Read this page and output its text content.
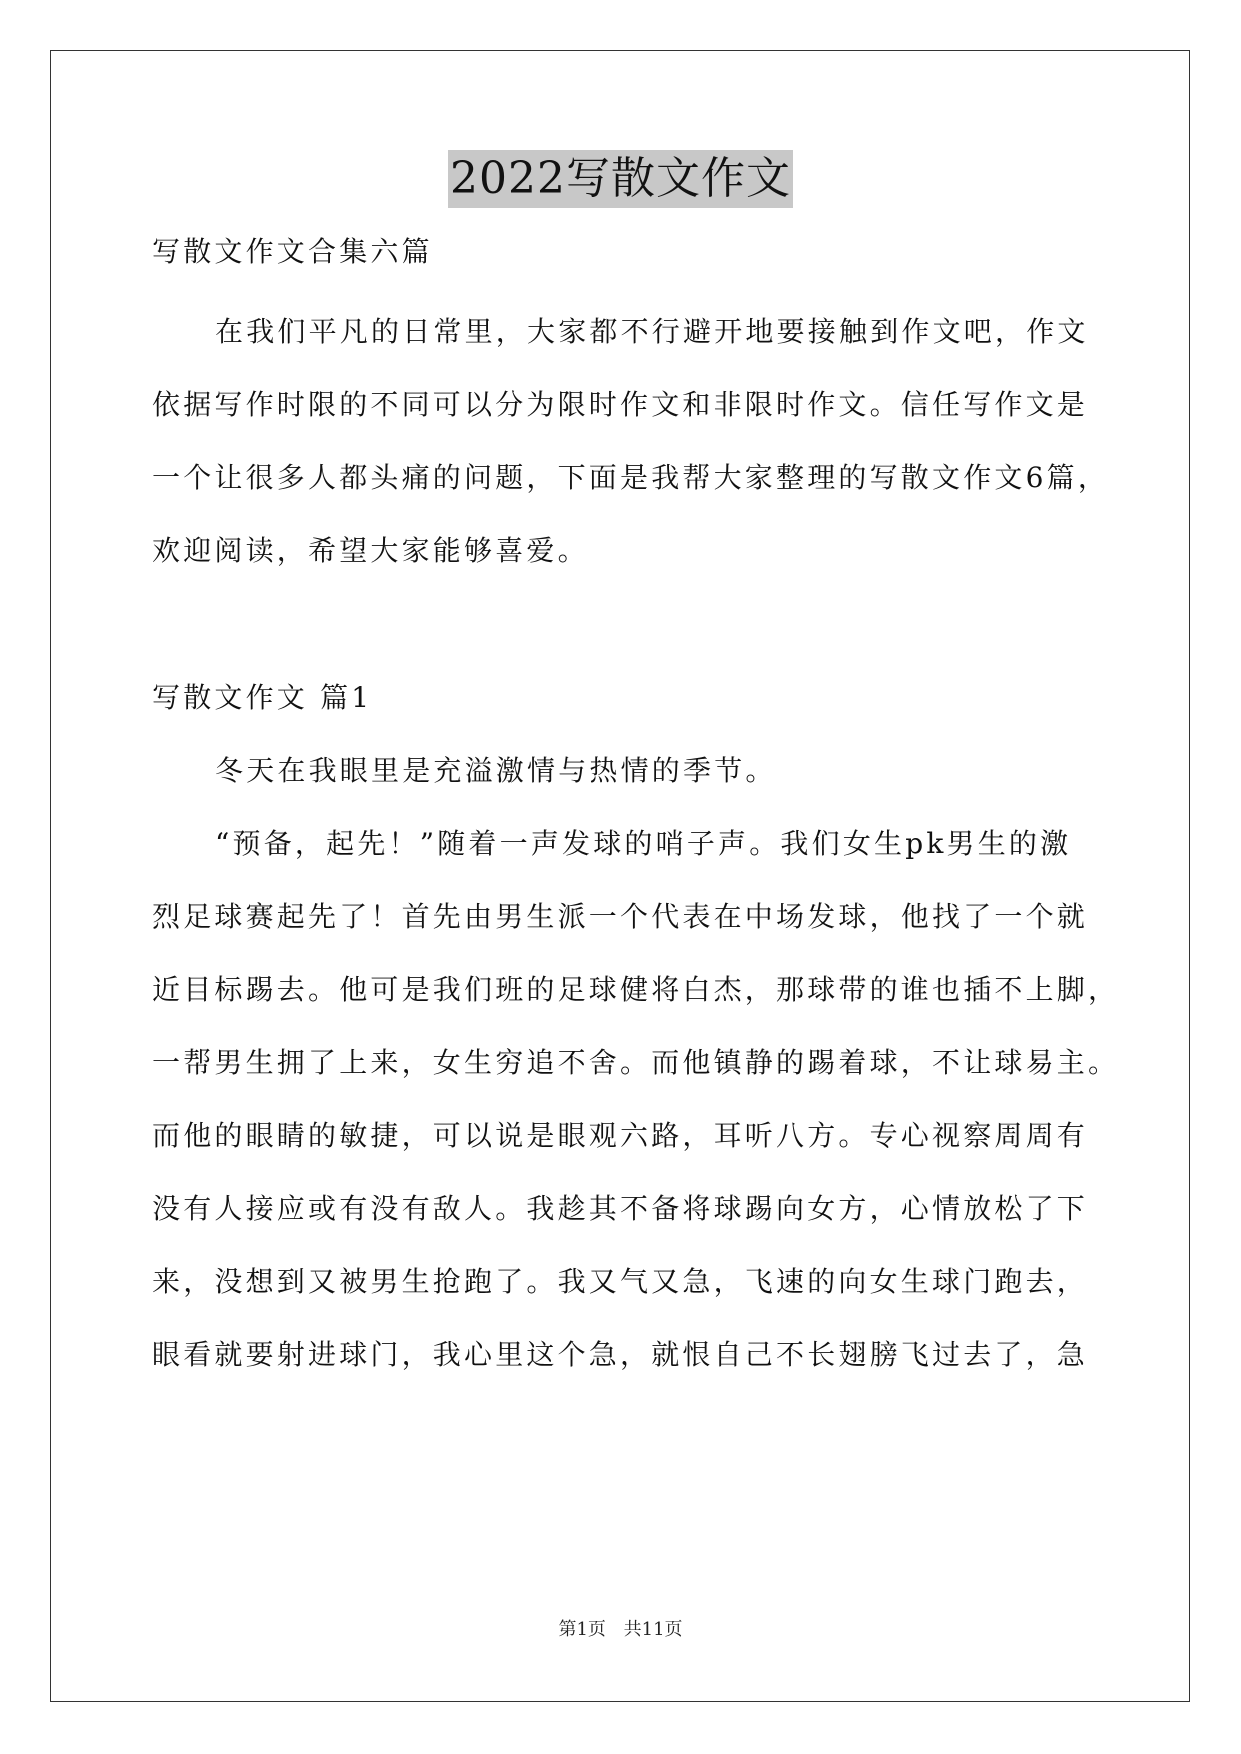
2022写散文作文
写散文作文合集六篇
在我们平凡的日常里，大家都不行避开地要接触到作文吧，作文
依据写作时限的不同可以分为限时作文和非限时作文。信任写作文是
一个让很多人都头痛的问题，下面是我帮大家整理的写散文作文6篇，
欢迎阅读，希望大家能够喜爱。
写散文作文 篇1
冬天在我眼里是充溢激情与热情的季节。
“预备，起先！”随着一声发球的哨子声。我们女生pk男生的激
烈足球赛起先了！首先由男生派一个代表在中场发球，他找了一个就
近目标踢去。他可是我们班的足球健将白杰，那球带的谁也插不上脚，
一帮男生拥了上来，女生穷追不舍。而他镇静的踢着球，不让球易主。
而他的眼睛的敏捷，可以说是眼观六路，耳听八方。专心视察周周有
没有人接应或有没有敌人。我趁其不备将球踢向女方，心情放松了下
来，没想到又被男生抢跑了。我又气又急，飞速的向女生球门跑去，
眼看就要射进球门，我心里这个急，就恨自己不长翅膀飞过去了，急
第1页 共11页
